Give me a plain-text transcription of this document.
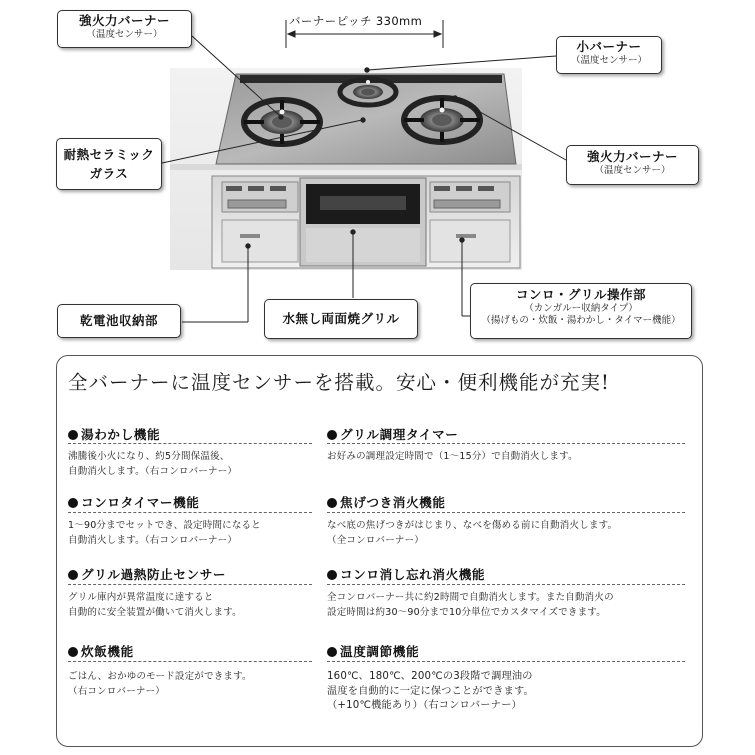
強火力バーナー
（温度センサー）
バーナーピッチ 330mm
小バーナー
（温度センサー）
耐熱セラミック
ガラス
強火力バーナー
（温度センサー）
乾電池収納部	水無し両面焼グリル
コンロ・グリル操作部
（カンガルー収納タイプ）
（揚げもの・炊飯・湯わかし・タイマー機能）
全バーナーに温度センサーを搭載。安心・便利機能が充実!
湯わかし機能
沸騰後小火になり、約5分間保温後、
自動消火します。（右コンロバーナー）
グリル調理タイマー
お好みの調理設定時間で（1〜15分）で自動消火します。
コンロタイマー機能
1〜90分までセットでき、設定時間になると
自動消火します。（右コンロバーナー）
焦げつき消火機能
なべ底の焦げつきがはじまり、なべを傷める前に自動消火します。
（全コンロバーナー）
グリル過熱防止センサー
グリル庫内が異常温度に達すると
自動的に安全装置が働いて消火します。
コンロ消し忘れ消火機能
全コンロバーナー共に約2時間で自動消火します。また自動消火の
設定時間は約30〜90分まで10分単位でカスタマイズできます。
炊飯機能
ごはん、おかゆのモード設定ができます。
（右コンロバーナー）
温度調節機能
160℃、180℃、200℃の3段階で調理油の
温度を自動的に一定に保つことができます。
（+10℃機能あり）（右コンロバーナー）
